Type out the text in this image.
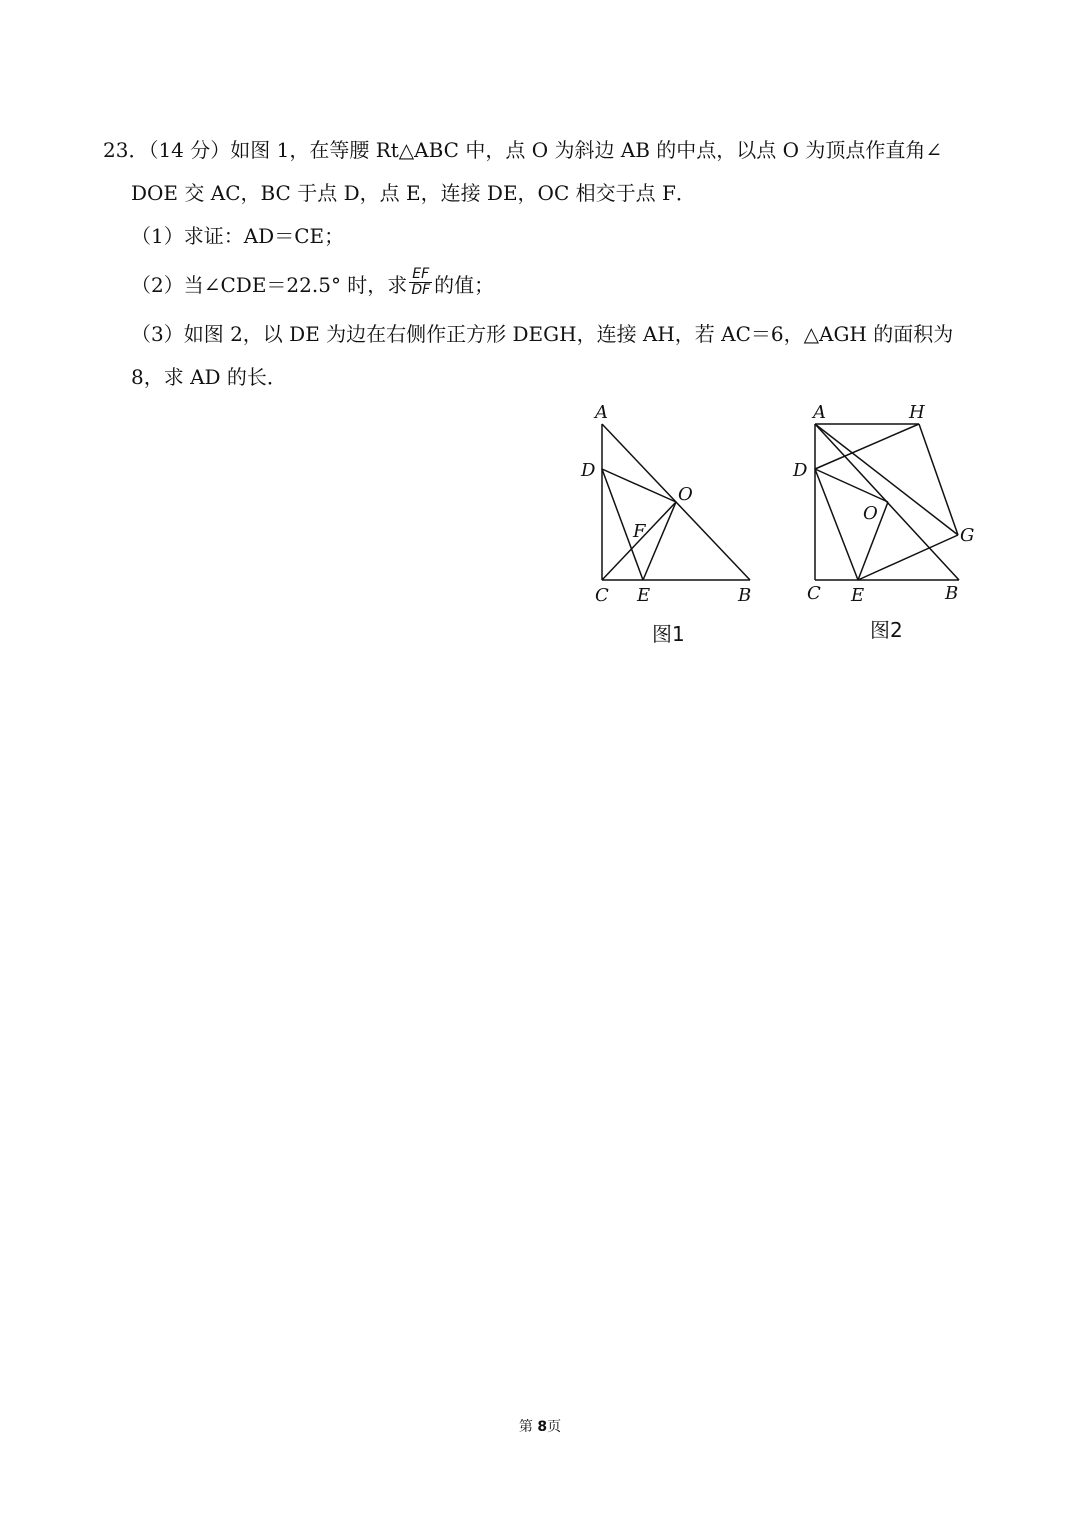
23．（14 分）如图 1，在等腰 Rt△ABC 中，点 O 为斜边 AB 的中点，以点 O 为顶点作直角∠
DOE 交 AC，BC 于点 D，点 E，连接 DE，OC 相交于点 F．
（1）求证：AD＝CE；
（2）当∠CDE＝22.5° 时，求 $\frac{EF}{DF}$ 的值；
（3）如图 2，以 DE 为边在右侧作正方形 DEGH，连接 AH，若 AC＝6，△AGH 的面积为
8，求 AD 的长．
A
D
O
F
C E	B
图1
A	H
D
O
G
C E	B
图2
第 8页
